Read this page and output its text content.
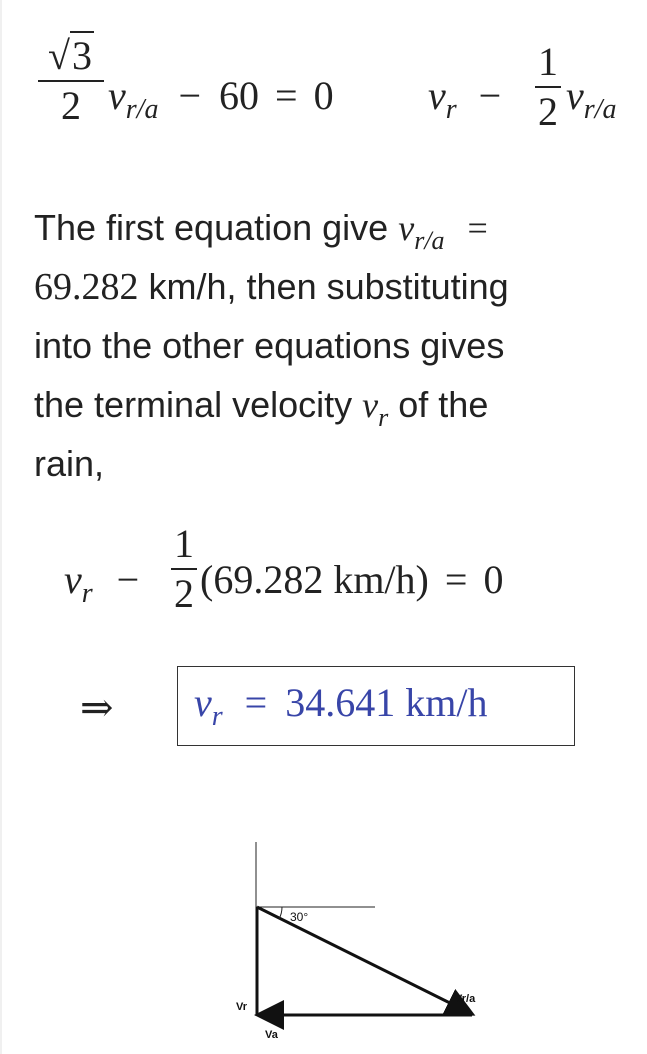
√3
2 $v_{r/a} - 60 = 0$ $v_r$ −
1
2 $v_{r/a}$
The first equation give $v_{r/a}$ =
69.282 km/h, then substituting
into the other equations gives
the terminal velocity $v_r$ of the
rain,
$v_r$ −
1
2 (69.282 km/h) = 0
⇒ $v_r = 34.641$ km/h
30°
Vr
Vr/a
Va
